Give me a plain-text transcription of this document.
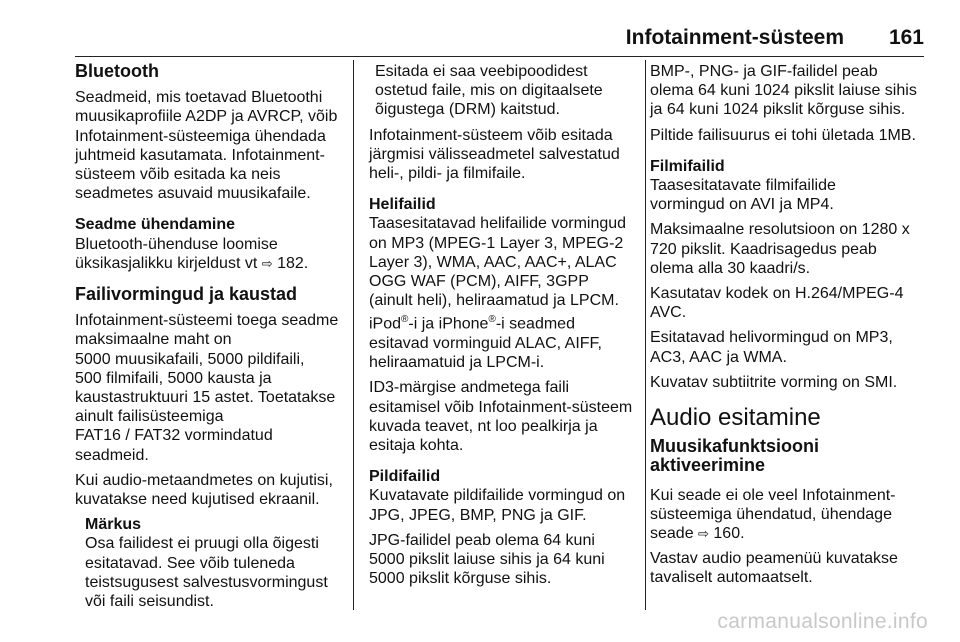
Infotainment-süsteem 161
Bluetooth
Seadmeid, mis toetavad Bluetoothi
muusikaprofiile A2DP ja AVRCP, võib
Infotainment-süsteemiga ühendada
juhtmeid kasutamata. Infotainment-
süsteem võib esitada ka neis
seadmetes asuvaid muusikafaile.
Seadme ühendamine
Bluetooth-ühenduse loomise
üksikasjalikku kirjeldust vt ⇨ 182.
Failivormingud ja kaustad
Infotainment-süsteemi toega seadme
maksimaalne maht on
5000 muusikafaili, 5000 pildifaili,
500 filmifaili, 5000 kausta ja
kaustastruktuuri 15 astet. Toetatakse
ainult failisüsteemiga
FAT16 / FAT32 vormindatud
seadmeid.
Kui audio-metaandmetes on kujutisi,
kuvatakse need kujutised ekraanil.
Märkus
Osa failidest ei pruugi olla õigesti
esitatavad. See võib tuleneda
teistsugusest salvestusvormingust
või faili seisundist.
Esitada ei saa veebipoodidest
ostetud faile, mis on digitaalsete
õigustega (DRM) kaitstud.
Infotainment-süsteem võib esitada
järgmisi välisseadmetel salvestatud
heli-, pildi- ja filmifaile.
Helifailid
Taasesitatavad helifailide vormingud
on MP3 (MPEG-1 Layer 3, MPEG-2
Layer 3), WMA, AAC, AAC+, ALAC
OGG WAF (PCM), AIFF, 3GPP
(ainult heli), heliraamatud ja LPCM.
iPod®-i ja iPhone®-i seadmed
esitavad vorminguid ALAC, AIFF,
heliraamatuid ja LPCM-i.
ID3-märgise andmetega faili
esitamisel võib Infotainment-süsteem
kuvada teavet, nt loo pealkirja ja
esitaja kohta.
Pildifailid
Kuvatavate pildifailide vormingud on
JPG, JPEG, BMP, PNG ja GIF.
JPG-failidel peab olema 64 kuni
5000 pikslit laiuse sihis ja 64 kuni
5000 pikslit kõrguse sihis.
BMP-, PNG- ja GIF-failidel peab
olema 64 kuni 1024 pikslit laiuse sihis
ja 64 kuni 1024 pikslit kõrguse sihis.
Piltide failisuurus ei tohi ületada 1MB.
Filmifailid
Taasesitatavate filmifailide
vormingud on AVI ja MP4.
Maksimaalne resolutsioon on 1280 x
720 pikslit. Kaadrisagedus peab
olema alla 30 kaadri/s.
Kasutatav kodek on H.264/MPEG-4
AVC.
Esitatavad helivormingud on MP3,
AC3, AAC ja WMA.
Kuvatav subtiitrite vorming on SMI.
Audio esitamine
Muusikafunktsiooni aktiveerimine
Kui seade ei ole veel Infotainment-
süsteemiga ühendatud, ühendage
seade ⇨ 160.
Vastav audio peamenüü kuvatakse
tavaliselt automaatselt.
carmanualsonline.info
